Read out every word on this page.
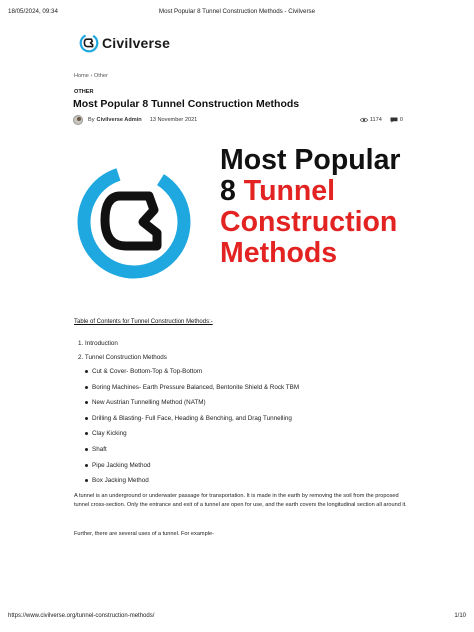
18/05/2024, 09:34	Most Popular 8 Tunnel Construction Methods - Civilverse
Civilverse
Home › Other
OTHER
Most Popular 8 Tunnel Construction Methods
By Civilverse Admin 13 November 2021	1174	0
Most Popular
8 Tunnel
Construction
Methods
Table of Contents for Tunnel Construction Methods:-
1. Introduction
2. Tunnel Construction Methods
Cut & Cover- Bottom-Top & Top-Bottom
Boring Machines- Earth Pressure Balanced, Bentonite Shield & Rock TBM
New Austrian Tunnelling Method (NATM)
Drilling & Blasting- Full Face, Heading & Benching, and Drag Tunnelling
Clay Kicking
Shaft
Pipe Jacking Method
Box Jacking Method

A tunnel is an underground or underwater passage for transportation. It is made in the earth by removing the soil from the proposed tunnel cross-section. Only the entrance and exit of a tunnel are open for use, and the earth covers the longitudinal section all around it.

Further, there are several uses of a tunnel. For example-

https://www.civilverse.org/tunnel-construction-methods/	1/10
